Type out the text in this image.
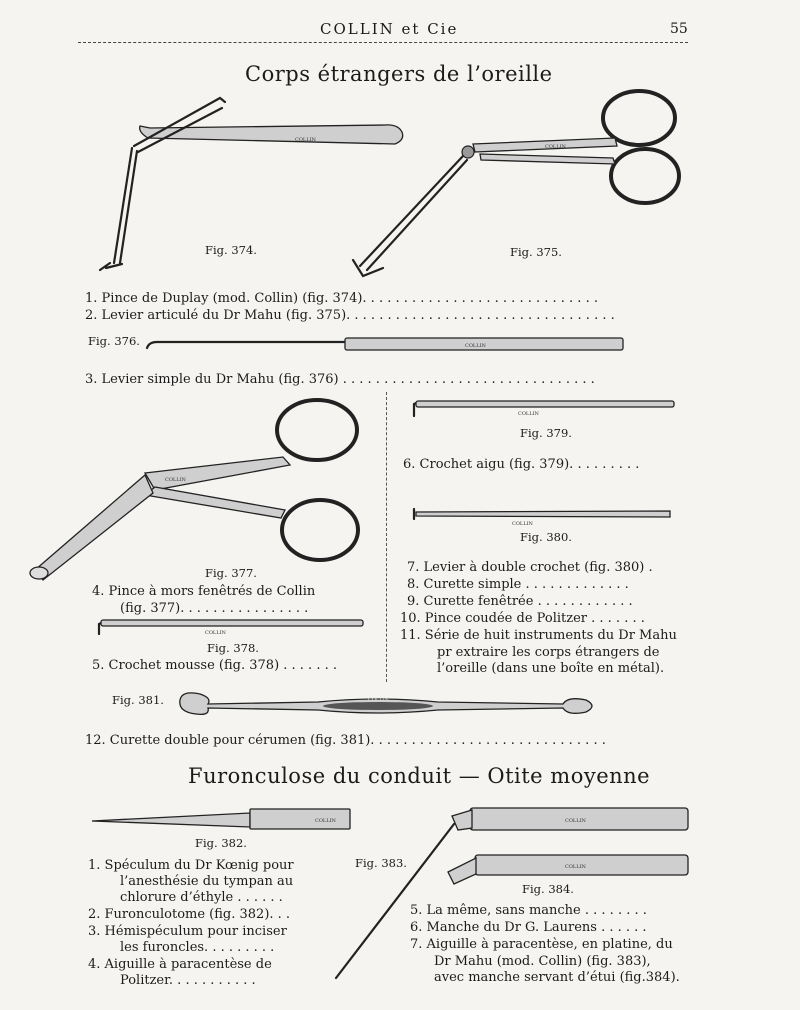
COLLIN et Cie	55
Corps étrangers de l’oreille
COLLIN
Fig. 374.
COLLIN
Fig. 375.
1. Pince de Duplay (mod. Collin) (fig. 374). . . . . . . . . . . . . . . . . . . . . . . . . . . . .
2. Levier articulé du Dr Mahu (fig. 375). . . . . . . . . . . . . . . . . . . . . . . . . . . . . . . . .
Fig. 376.	COLLIN
3. Levier simple du Dr Mahu (fig. 376) . . . . . . . . . . . . . . . . . . . . . . . . . . . . . . .
COLLIN
Fig. 377.
4. Pince à mors fenêtrés de Collin
(fig. 377). . . . . . . . . . . . . . . .
COLLIN
Fig. 378.
5. Crochet mousse (fig. 378) . . . . . . .
COLLIN
Fig. 379.
6. Crochet aigu (fig. 379). . . . . . . . .
COLLIN
Fig. 380.
7. Levier à double crochet (fig. 380) .
8. Curette simple . . . . . . . . . . . . .
9. Curette fenêtrée . . . . . . . . . . . .
10. Pince coudée de Politzer . . . . . . .
11. Série de huit instruments du Dr Mahu
pr extraire les corps étrangers de
l’oreille (dans une boîte en métal).
Fig. 381.	COLLIN
12. Curette double pour cérumen (fig. 381). . . . . . . . . . . . . . . . . . . . . . . . . . . . .
Furonculose du conduit — Otite moyenne
COLLIN
Fig. 382.
1. Spéculum du Dr Kœnig pour
l’anesthésie du tympan au
chlorure d’éthyle . . . . . .
2. Furonculotome (fig. 382). . .
3. Hémispéculum pour inciser
les furoncles. . . . . . . . .
4. Aiguille à paracentèse de
Politzer. . . . . . . . . . .
Fig. 383.
COLLIN
COLLIN
Fig. 384.
5. La même, sans manche . . . . . . . .
6. Manche du Dr G. Laurens . . . . . .
7. Aiguille à paracentèse, en platine, du
Dr Mahu (mod. Collin) (fig. 383),
avec manche servant d’étui (fig.384).
